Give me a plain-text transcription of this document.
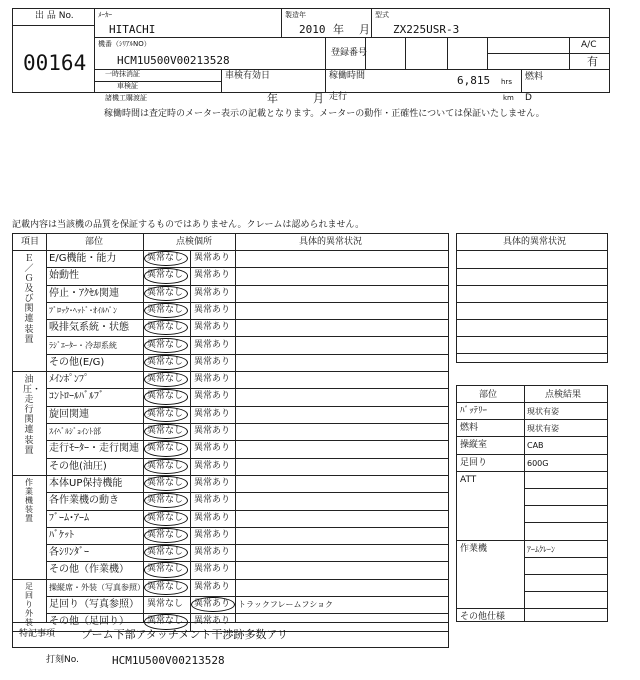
出 品 No.
00164
ﾒｰｶｰ
HITACHI
製造年
2010 年 月
型式
ZX225USR-3
機番（ｼﾘｱﾙNO）
HCM1U500V00213528
登録番号
A/C
有
一時抹消証
車検証
諸機工購渡証
車検有効日
年	月
稼働時間	6,815 hrs
走行	km
燃料
D
稼働時間は査定時のメーター表示の記載となります。メーターの動作・正確性については保証いたしません。
記載内容は当該機の品質を保証するものではありません。クレームは認められません。
項目	部位	点検個所	具体的異常状況
E/G機能・能力	異常なし 異常あり
始動性	異常なし 異常あり
停止・ｱｸｾﾙ関連	異常なし 異常あり
ﾌﾞﾛｯｸ･ﾍｯﾄﾞ･ｵｲﾙﾊﾟﾝ	異常なし 異常あり
吸排気系統・状態 異常なし 異常あり
ﾗｼﾞｴｰﾀｰ・冷却系統	異常なし 異常あり
その他(E/G)	異常なし 異常あり
Ｅ／Ｇ及び関連装置
ﾒｲﾝﾎﾟﾝﾌﾟ	異常なし 異常あり
ｺﾝﾄﾛｰﾙﾊﾞﾙﾌﾞ	異常なし 異常あり
旋回関連	異常なし 異常あり
ｽｲﾍﾞﾙｼﾞｮｲﾝﾄ部	異常なし 異常あり
走行ﾓｰﾀｰ・走行関連 異常なし 異常あり
その他(油圧)	異常なし 異常あり
油圧・走行関連装置
本体UP保持機能	異常なし 異常あり
各作業機の動き	異常なし 異常あり
ﾌﾞｰﾑ･ｱｰﾑ	異常なし 異常あり
ﾊﾞｹｯﾄ	異常なし 異常あり
各ｼﾘﾝﾀﾞｰ	異常なし 異常あり
その他（作業機） 異常なし 異常あり
作業機装置
操縦席・外装（写真参照） 異常なし 異常あり
足回り（写真参照） 異常なし 異常あり トラックフレームフショク
その他（足回り） 異常なし 異常あり
足回り外装
特記事項 ブーム下部アタッチメント干渉跡多数アリ
打刻No.	HCM1U500V00213528
具体的異常状況
部位	点検結果
ﾊﾞｯﾃﾘｰ	現状有姿
燃料	現状有姿
操縦室	CAB
足回り	600G
ATT
作業機	ｱｰﾑｸﾚｰﾝ
その他仕様
